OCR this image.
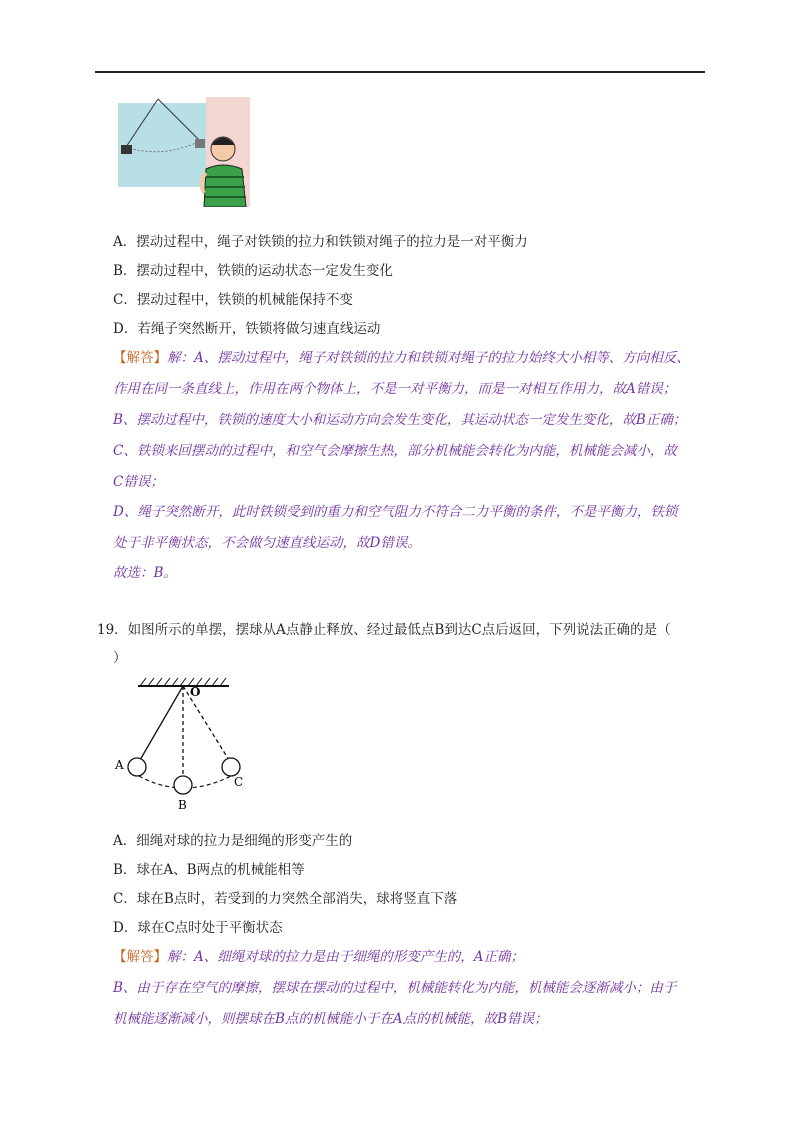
A．摆动过程中，绳子对铁锁的拉力和铁锁对绳子的拉力是一对平衡力
B．摆动过程中，铁锁的运动状态一定发生变化
C．摆动过程中，铁锁的机械能保持不变
D．若绳子突然断开，铁锁将做匀速直线运动
【解答】解：A、摆动过程中，绳子对铁锁的拉力和铁锁对绳子的拉力始终大小相等、方向相反、
作用在同一条直线上，作用在两个物体上，不是一对平衡力，而是一对相互作用力，故A错误；
B、摆动过程中，铁锁的速度大小和运动方向会发生变化，其运动状态一定发生变化，故B正确；
C、铁锁来回摆动的过程中，和空气会摩擦生热，部分机械能会转化为内能，机械能会减小，故
C错误；
D、绳子突然断开，此时铁锁受到的重力和空气阻力不符合二力平衡的条件，不是平衡力，铁锁
处于非平衡状态，不会做匀速直线运动，故D错误。
故选：B。
19．如图所示的单摆，摆球从A点静止释放、经过最低点B到达C点后返回，下列说法正确的是（
）
O
A
B
C
A．细绳对球的拉力是细绳的形变产生的
B．球在A、B两点的机械能相等
C．球在B点时，若受到的力突然全部消失，球将竖直下落
D．球在C点时处于平衡状态
【解答】解：A、细绳对球的拉力是由于细绳的形变产生的，A正确；
B、由于存在空气的摩擦，摆球在摆动的过程中，机械能转化为内能，机械能会逐渐减小；由于
机械能逐渐减小，则摆球在B点的机械能小于在A点的机械能，故B错误；
